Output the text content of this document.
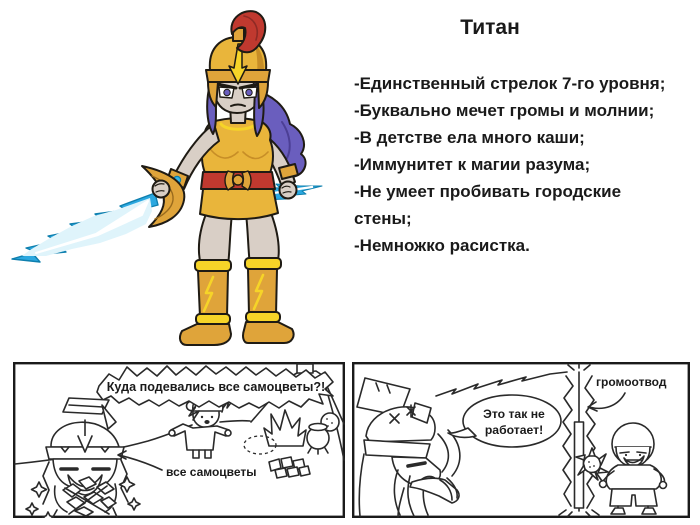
Титан
-Единственный стрелок 7-го уровня;
-Буквально мечет громы и молнии;
-В детстве ела много каши;
-Иммунитет к магии разума;
-Не умеет пробивать городские
стены;
-Немножко расистка.
Куда подевались все самоцветы?!
все самоцветы
Это так не
работает!
громоотвод
